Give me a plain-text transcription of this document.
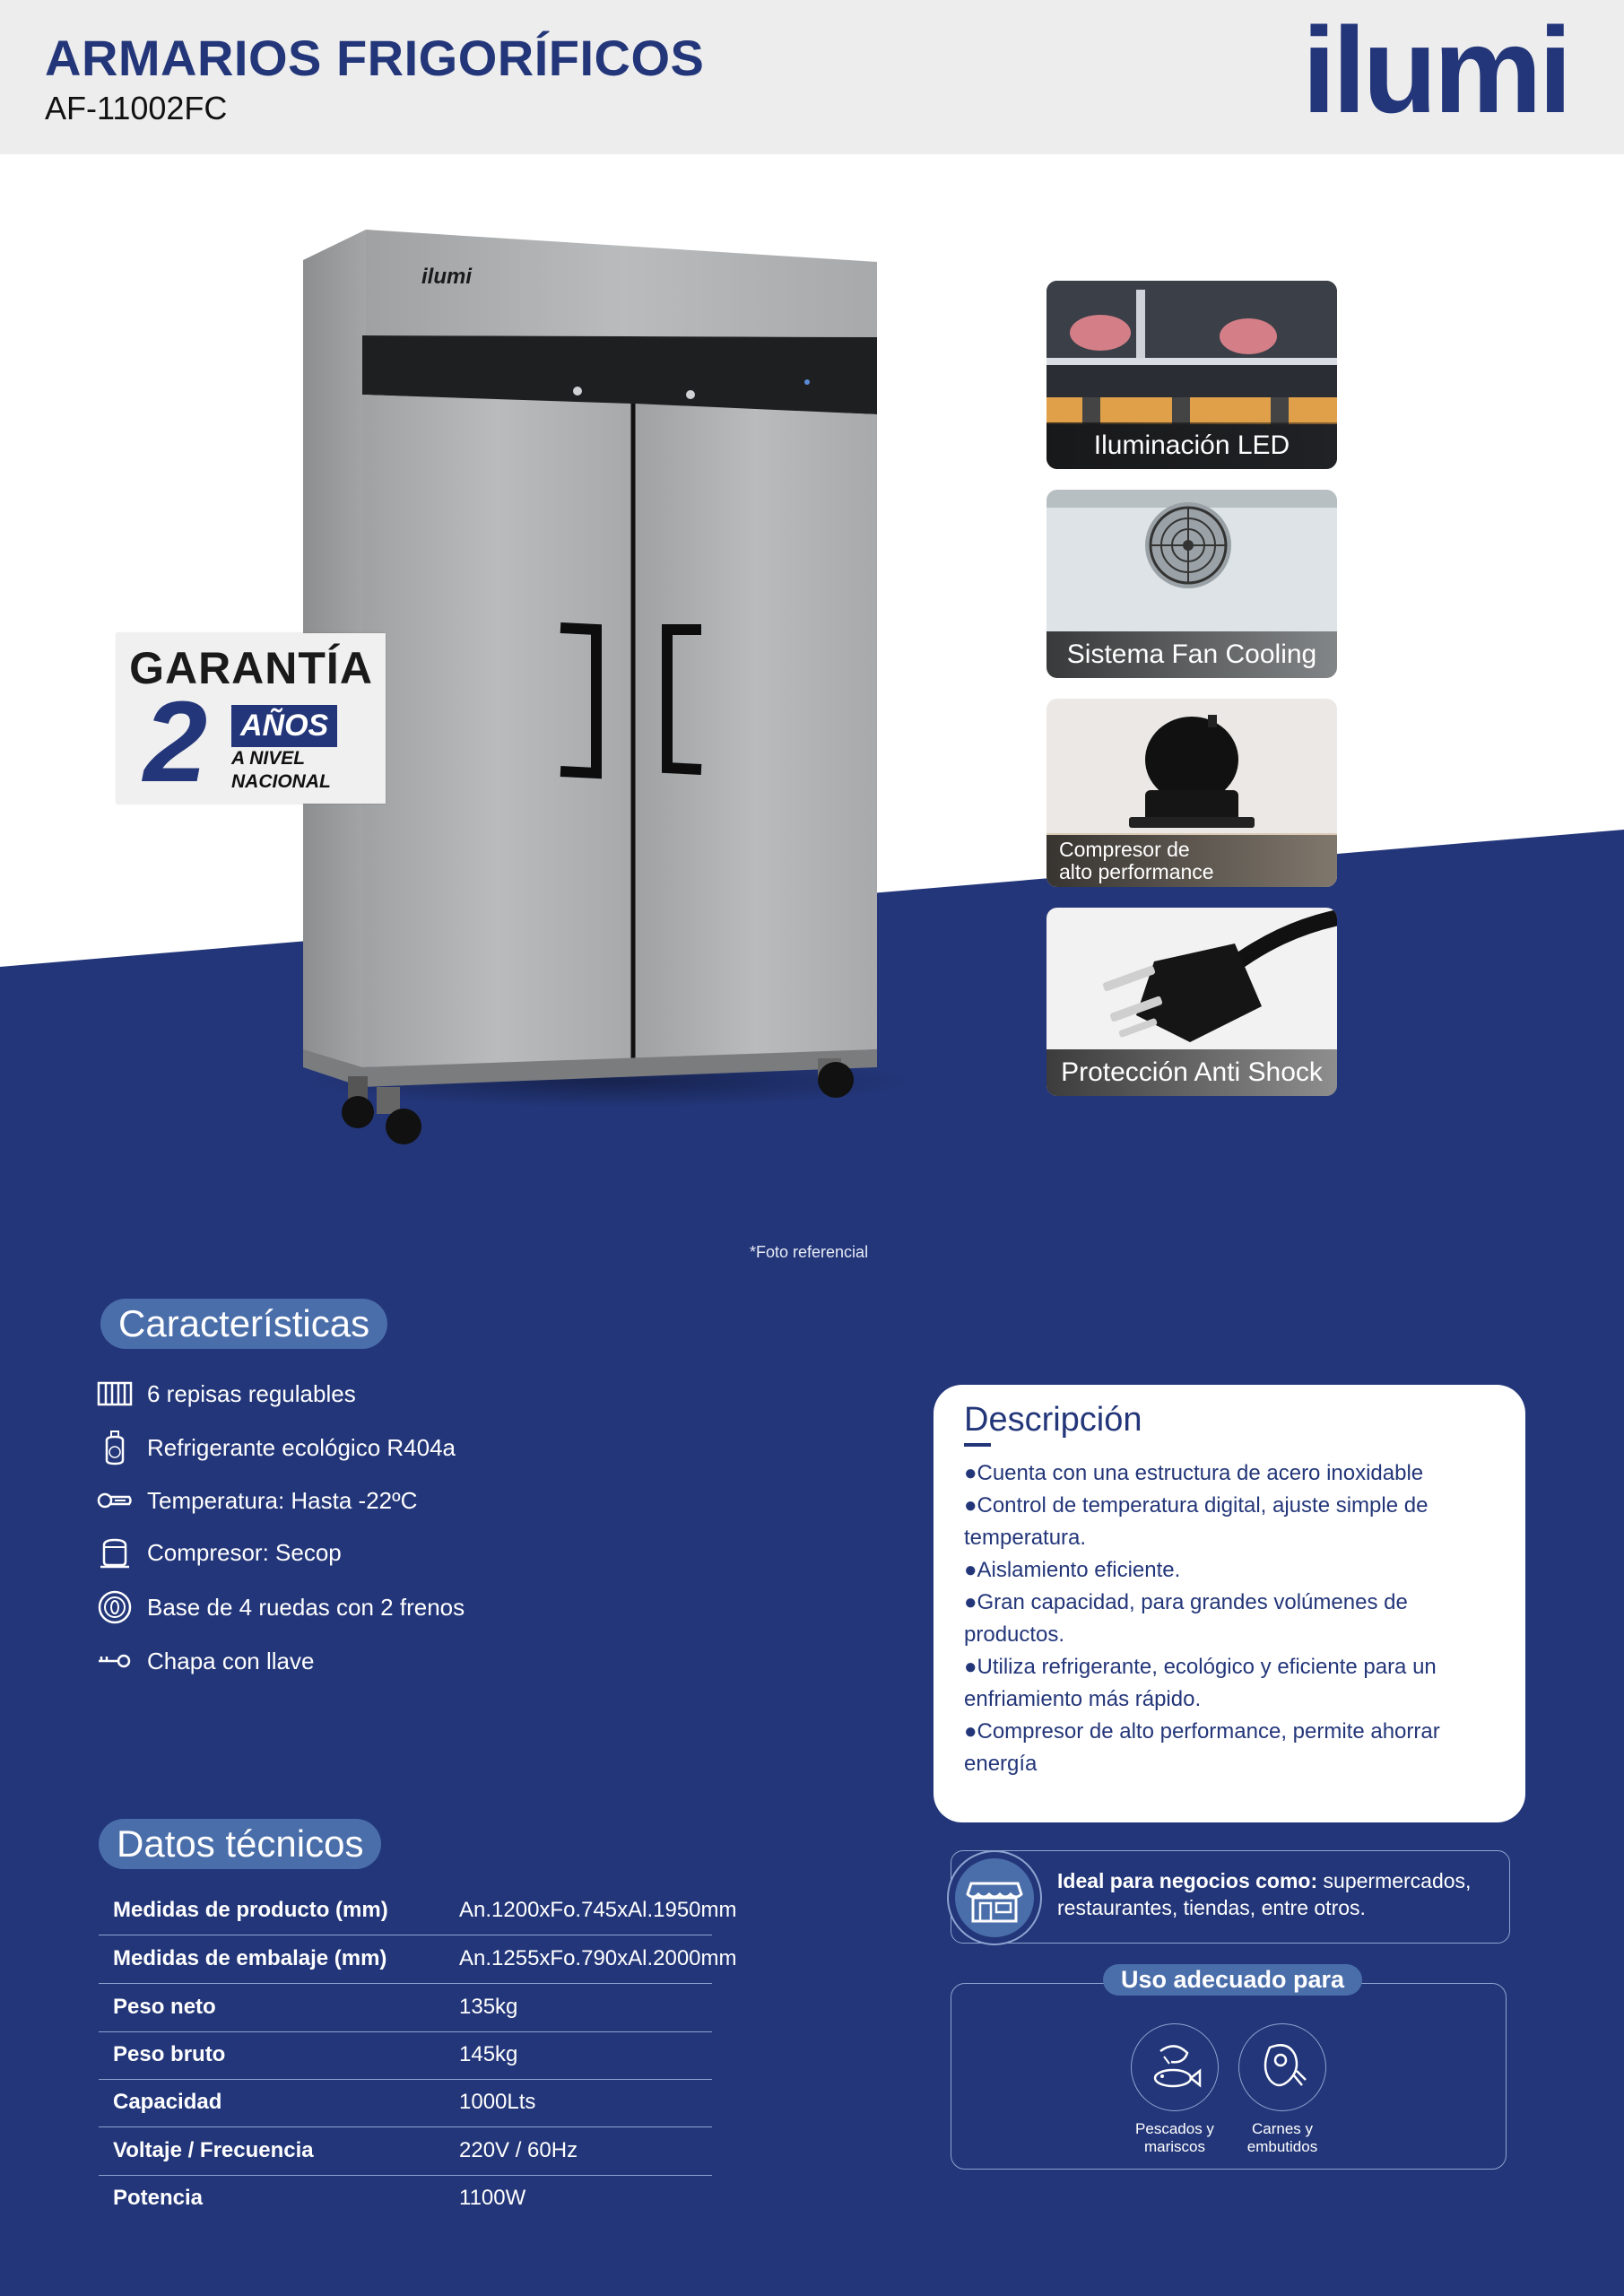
ARMARIOS FRIGORÍFICOS
AF-11002FC	ilumi
ilumi
GARANTÍA
2 AÑOS
A NIVEL
NACIONAL
Iluminación LED
Sistema Fan Cooling
Compresor de
alto performance
Protección Anti Shock
*Foto referencial
Características
6 repisas regulables
Refrigerante ecológico R404a
Temperatura: Hasta -22ºC
Compresor: Secop
Base de 4 ruedas con 2 frenos
Chapa con llave
Descripción
●Cuenta con una estructura de acero inoxidable
●Control de temperatura digital, ajuste simple de temperatura.
●Aislamiento eficiente.
●Gran capacidad, para grandes volúmenes de productos.
●Utiliza refrigerante, ecológico y eficiente para un enfriamiento más rápido.
●Compresor de alto performance, permite ahorrar energía
Ideal para negocios como: supermercados, restaurantes, tiendas, entre otros.
Uso adecuado para
Pescados y
mariscos
Carnes y
embutidos
Datos técnicos
Medidas de producto (mm)	An.1200xFo.745xAl.1950mm
Medidas de embalaje (mm)	An.1255xFo.790xAl.2000mm
Peso neto	135kg
Peso bruto	145kg
Capacidad	1000Lts
Voltaje / Frecuencia	220V / 60Hz
Potencia	1100W
